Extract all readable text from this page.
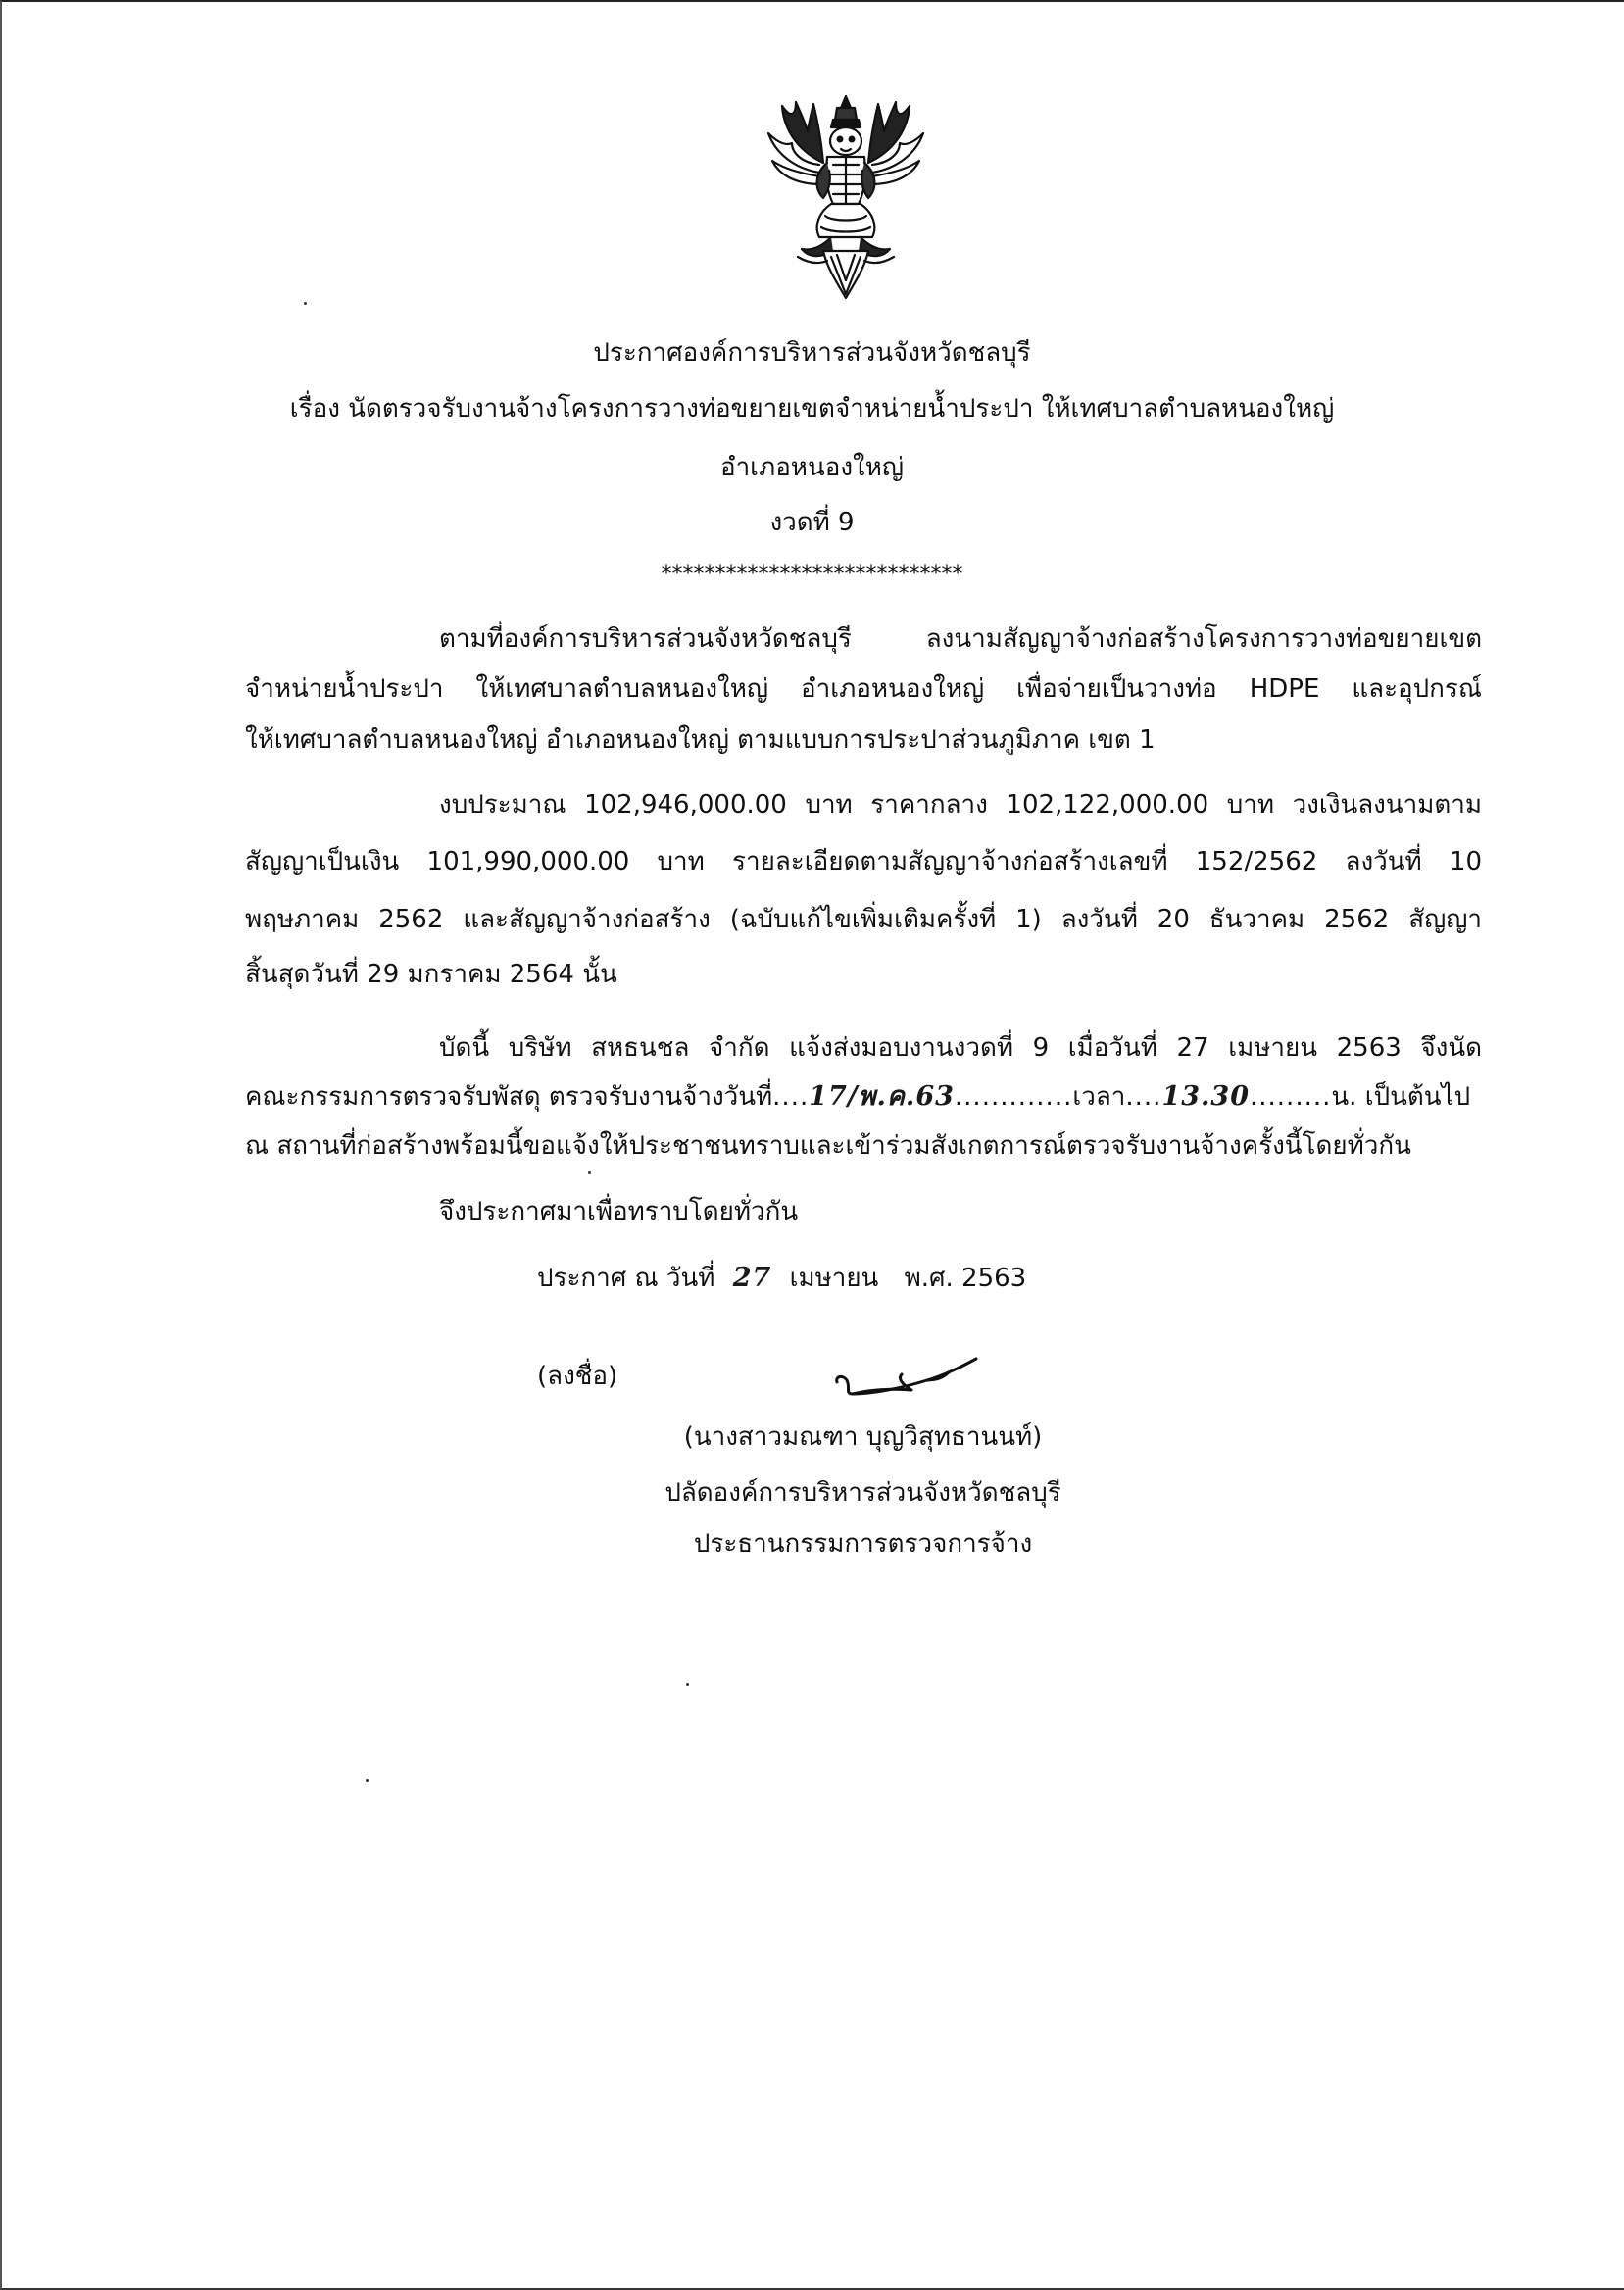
ประกาศองค์การบริหารส่วนจังหวัดชลบุรี
เรื่อง นัดตรวจรับงานจ้างโครงการวางท่อขยายเขตจำหน่ายน้ำประปา ให้เทศบาลตำบลหนองใหญ่
อำเภอหนองใหญ่
งวดที่ 9
****************************
ตามที่องค์การบริหารส่วนจังหวัดชลบุรี ลงนามสัญญาจ้างก่อสร้างโครงการวางท่อขยายเขต
จำหน่ายน้ำประปา ให้เทศบาลตำบลหนองใหญ่ อำเภอหนองใหญ่ เพื่อจ่ายเป็นวางท่อ HDPE และอุปกรณ์
ให้เทศบาลตำบลหนองใหญ่ อำเภอหนองใหญ่ ตามแบบการประปาส่วนภูมิภาค เขต 1
งบประมาณ 102,946,000.00 บาท ราคากลาง 102,122,000.00 บาท วงเงินลงนามตาม
สัญญาเป็นเงิน 101,990,000.00 บาท รายละเอียดตามสัญญาจ้างก่อสร้างเลขที่ 152/2562 ลงวันที่ 10
พฤษภาคม 2562 และสัญญาจ้างก่อสร้าง (ฉบับแก้ไขเพิ่มเติมครั้งที่ 1) ลงวันที่ 20 ธันวาคม 2562 สัญญา
สิ้นสุดวันที่ 29 มกราคม 2564 นั้น
บัดนี้ บริษัท สหธนชล จำกัด แจ้งส่งมอบงานงวดที่ 9 เมื่อวันที่ 27 เมษายน 2563 จึงนัด
คณะกรรมการตรวจรับพัสดุ ตรวจรับงานจ้างวันที่....17/พ.ค.63.............เวลา....13.30.........น. เป็นต้นไป
ณ สถานที่ก่อสร้างพร้อมนี้ขอแจ้งให้ประชาชนทราบและเข้าร่วมสังเกตการณ์ตรวจรับงานจ้างครั้งนี้โดยทั่วกัน
จึงประกาศมาเพื่อทราบโดยทั่วกัน
ประกาศ ณ วันที่ 27 เมษายน พ.ศ. 2563
(ลงชื่อ)
(นางสาวมณฑา บุญวิสุทธานนท์)
ปลัดองค์การบริหารส่วนจังหวัดชลบุรี
ประธานกรรมการตรวจการจ้าง
